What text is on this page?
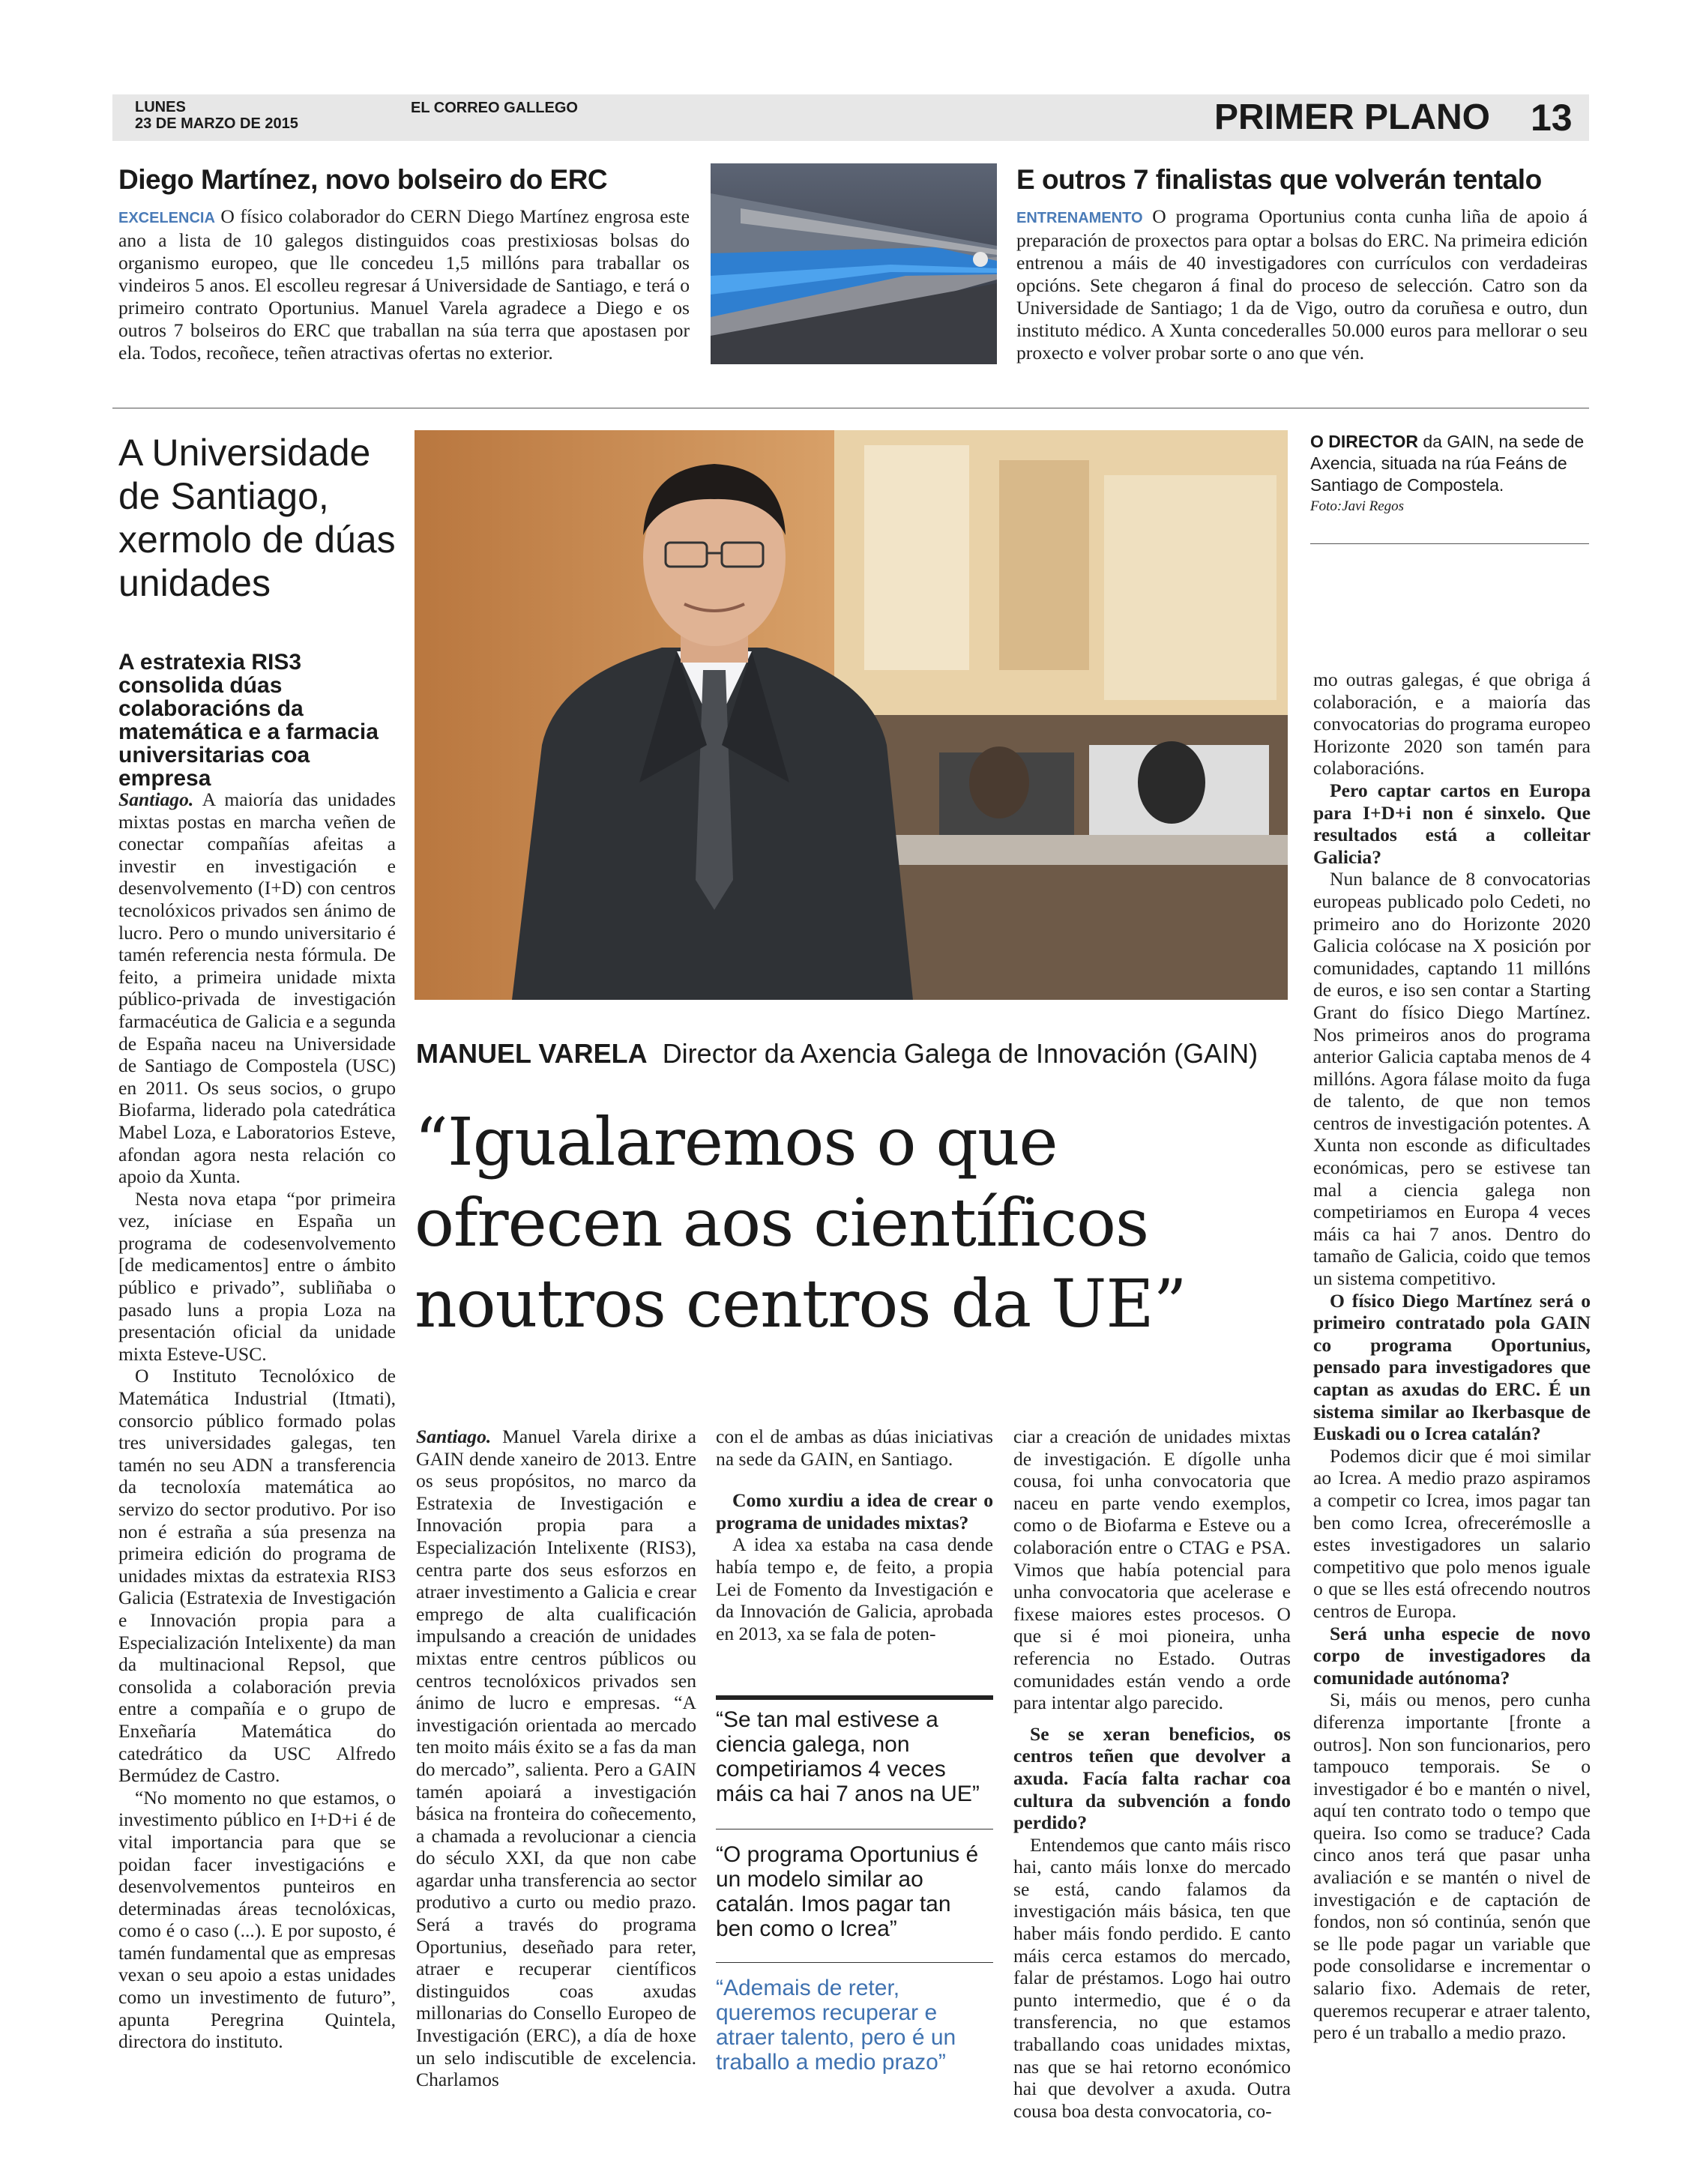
LUNES
23 DE MARZO DE 2015
EL CORREO GALLEGO	PRIMER PLANO 13
Diego Martínez, novo bolseiro do ERC
EXCELENCIA O físico colaborador do CERN Diego Martínez engrosa este ano a lista de 10 galegos distinguidos coas prestixiosas bolsas do organismo europeo, que lle concedeu 1,5 millóns para traballar os vindeiros 5 anos. El escolleu regresar á Universidade de Santiago, e terá o primeiro contrato Oportunius. Manuel Varela agradece a Diego e os outros 7 bolseiros do ERC que traballan na súa terra que apostasen por ela. Todos, recoñece, teñen atractivas ofertas no exterior.
E outros 7 finalistas que volverán tentalo
ENTRENAMENTO O programa Oportunius conta cunha liña de apoio á preparación de proxectos para optar a bolsas do ERC. Na primeira edición entrenou a máis de 40 investigadores con currículos con verdadeiras opcións. Sete chegaron á final do proceso de selección. Catro son da Universidade de Santiago; 1 da de Vigo, outro da coruñesa e outro, dun instituto médico. A Xunta concederalles 50.000 euros para mellorar o seu proxecto e volver probar sorte o ano que vén.
A Universidade de Santiago, xermolo de dúas unidades
A estratexia RIS3 consolida dúas colaboracións da matemática e a farmacia universitarias coa empresa

Santiago. A maioría das unidades mixtas postas en marcha veñen de conectar compañías afeitas a investir en investigación e desenvolvemento (I+D) con centros tecnolóxicos privados sen ánimo de lucro. Pero o mundo universitario é tamén referencia nesta fórmula. De feito, a primeira unidade mixta público-privada de investigación farmacéutica de Galicia e a segunda de España naceu na Universidade de Santiago de Compostela (USC) en 2011. Os seus socios, o grupo Biofarma, liderado pola catedrática Mabel Loza, e Laboratorios Esteve, afondan agora nesta relación co apoio da Xunta.

Nesta nova etapa “por primeira vez, iníciase en España un programa de codesenvolvemento [de medicamentos] entre o ámbito público e privado”, subliñaba o pasado luns a propia Loza na presentación oficial da unidade mixta Esteve-USC.

O Instituto Tecnolóxico de Matemática Industrial (Itmati), consorcio público formado polas tres universidades galegas, ten tamén no seu ADN a transferencia da tecnoloxía matemática ao servizo do sector produtivo. Por iso non é estraña a súa presenza na primeira edición do programa de unidades mixtas da estratexia RIS3 Galicia (Estratexia de Investigación e Innovación propia para a Especialización Intelixente) da man da multinacional Repsol, que consolida a colaboración previa entre a compañía e o grupo de Enxeñaría Matemática do catedrático da USC Alfredo Bermúdez de Castro.

“No momento no que estamos, o investimento público en I+D+i é de vital importancia para que se poidan facer investigacións e desenvolvementos punteiros en determinadas áreas tecnolóxicas, como é o caso (...). E por suposto, é tamén fundamental que as empresas vexan o seu apoio a estas unidades como un investimento de futuro”, apunta Peregrina Quintela, directora do instituto.

O DIRECTOR da GAIN, na sede de Axencia, situada na rúa Feáns de Santiago de Compostela.
Foto:Javi Regos
MANUEL VARELA Director da Axencia Galega de Innovación (GAIN)
“Igualaremos o que ofrecen aos científicos noutros centros da UE”

Santiago. Manuel Varela dirixe a GAIN dende xaneiro de 2013. Entre os seus propósitos, no marco da Estratexia de Investigación e Innovación propia para a Especialización Intelixente (RIS3), centra parte dos seus esforzos en atraer investimento a Galicia e crear emprego de alta cualificación impulsando a creación de unidades mixtas entre centros públicos ou centros tecnolóxicos privados sen ánimo de lucro e empresas. “A investigación orientada ao mercado ten moito máis éxito se a fas da man do mercado”, salienta. Pero a GAIN tamén apoiará a investigación básica na fronteira do coñecemento, a chamada a revolucionar a ciencia do século XXI, da que non cabe agardar unha transferencia ao sector produtivo a curto ou medio prazo. Será a través do programa Oportunius, deseñado para reter, atraer e recuperar científicos distinguidos coas axudas millonarias do Consello Europeo de Investigación (ERC), a día de hoxe un selo indiscutible de excelencia. Charlamos

con el de ambas as dúas iniciativas na sede da GAIN, en Santiago.

Como xurdiu a idea de crear o programa de unidades mixtas?

A idea xa estaba na casa dende había tempo e, de feito, a propia Lei de Fomento da Investigación e da Innovación de Galicia, aprobada en 2013, xa se fala de poten-

“Se tan mal estivese a ciencia galega, non competiriamos 4 veces máis ca hai 7 anos na UE”
“O programa Oportunius é un modelo similar ao catalán. Imos pagar tan ben como o Icrea”
“Ademais de reter, queremos recuperar e atraer talento, pero é un traballo a medio prazo”

ciar a creación de unidades mixtas de investigación. E dígolle unha cousa, foi unha convocatoria que naceu en parte vendo exemplos, como o de Biofarma e Esteve ou a colaboración entre o CTAG e PSA. Vimos que había potencial para unha convocatoria que acelerase e fixese maiores estes procesos. O que si é moi pioneira, unha referencia no Estado. Outras comunidades están vendo a orde para intentar algo parecido.

Se se xeran beneficios, os centros teñen que devolver a axuda. Facía falta rachar coa cultura da subvención a fondo perdido?

Entendemos que canto máis risco hai, canto máis lonxe do mercado se está, cando falamos da investigación máis básica, ten que haber máis fondo perdido. E canto máis cerca estamos do mercado, falar de préstamos. Logo hai outro punto intermedio, que é o da transferencia, no que estamos traballando coas unidades mixtas, nas que se hai retorno económico hai que devolver a axuda. Outra cousa boa desta convocatoria, co-

mo outras galegas, é que obriga á colaboración, e a maioría das convocatorias do programa europeo Horizonte 2020 son tamén para colaboracións.

Pero captar cartos en Europa para I+D+i non é sinxelo. Que resultados está a colleitar Galicia?

Nun balance de 8 convocatorias europeas publicado polo Cedeti, no primeiro ano do Horizonte 2020 Galicia colócase na X posición por comunidades, captando 11 millóns de euros, e iso sen contar a Starting Grant do físico Diego Martínez. Nos primeiros anos do programa anterior Galicia captaba menos de 4 millóns. Agora fálase moito da fuga de talento, de que non temos centros de investigación potentes. A Xunta non esconde as dificultades económicas, pero se estivese tan mal a ciencia galega non competiriamos en Europa 4 veces máis ca hai 7 anos. Dentro do tamaño de Galicia, coido que temos un sistema competitivo.

O físico Diego Martínez será o primeiro contratado pola GAIN co programa Oportunius, pensado para investigadores que captan as axudas do ERC. É un sistema similar ao Ikerbasque de Euskadi ou o Icrea catalán?

Podemos dicir que é moi similar ao Icrea. A medio prazo aspiramos a competir co Icrea, imos pagar tan ben como Icrea, ofrecerémoslle a estes investigadores un salario competitivo que polo menos iguale o que se lles está ofrecendo noutros centros de Europa.

Será unha especie de novo corpo de investigadores da comunidade autónoma?

Si, máis ou menos, pero cunha diferenza importante [fronte a outros]. Non son funcionarios, pero tampouco temporais. Se o investigador é bo e mantén o nivel, aquí ten contrato todo o tempo que queira. Iso como se traduce? Cada cinco anos terá que pasar unha avaliación e se mantén o nivel de investigación e de captación de fondos, non só continúa, senón que se lle pode pagar un variable que pode consolidarse e incrementar o salario fixo. Ademais de reter, queremos recuperar e atraer talento, pero é un traballo a medio prazo.
